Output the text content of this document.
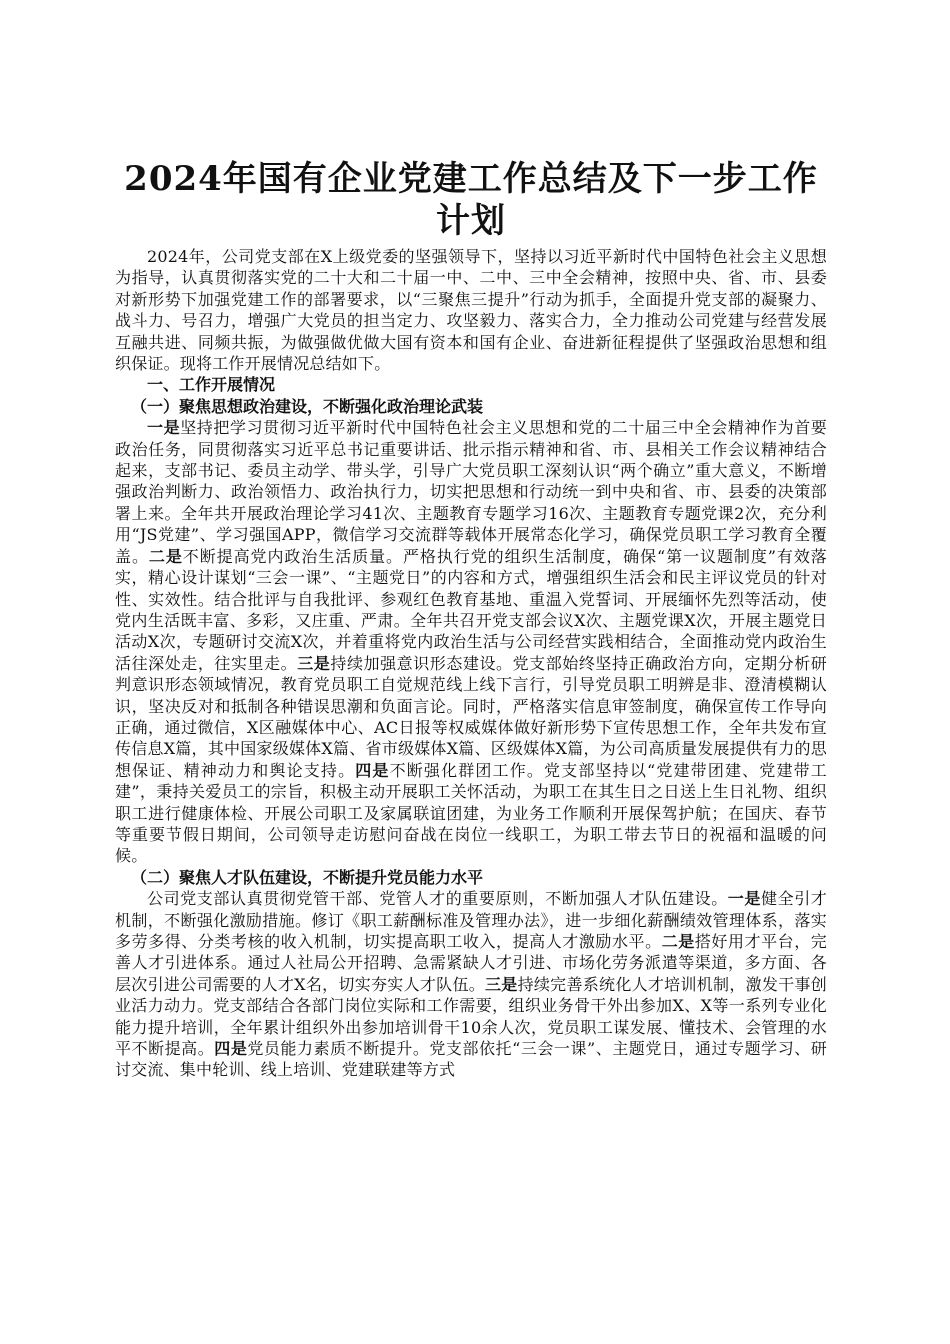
2024年国有企业党建工作总结及下一步工作计划

2024年，公司党支部在X上级党委的坚强领导下，坚持以习近平新时代中国特色社会主义思想为指导，认真贯彻落实党的二十大和二十届一中、二中、三中全会精神，按照中央、省、市、县委对新形势下加强党建工作的部署要求，以“三聚焦三提升”行动为抓手，全面提升党支部的凝聚力、战斗力、号召力，增强广大党员的担当定力、攻坚毅力、落实合力，全力推动公司党建与经营发展互融共进、同频共振，为做强做优做大国有资本和国有企业、奋进新征程提供了坚强政治思想和组织保证。现将工作开展情况总结如下。

一、工作开展情况

（一）聚焦思想政治建设，不断强化政治理论武装

一是坚持把学习贯彻习近平新时代中国特色社会主义思想和党的二十届三中全会精神作为首要政治任务，同贯彻落实习近平总书记重要讲话、批示指示精神和省、市、县相关工作会议精神结合起来，支部书记、委员主动学、带头学，引导广大党员职工深刻认识“两个确立”重大意义，不断增强政治判断力、政治领悟力、政治执行力，切实把思想和行动统一到中央和省、市、县委的决策部署上来。全年共开展政治理论学习41次、主题教育专题学习16次、主题教育专题党课2次，充分利用“JS党建”、学习强国APP，微信学习交流群等载体开展常态化学习，确保党员职工学习教育全覆盖。二是不断提高党内政治生活质量。严格执行党的组织生活制度，确保“第一议题制度”有效落实，精心设计谋划“三会一课”、“主题党日”的内容和方式，增强组织生活会和民主评议党员的针对性、实效性。结合批评与自我批评、参观红色教育基地、重温入党誓词、开展缅怀先烈等活动，使党内生活既丰富、多彩，又庄重、严肃。全年共召开党支部会议X次、主题党课X次，开展主题党日活动X次，专题研讨交流X次，并着重将党内政治生活与公司经营实践相结合，全面推动党内政治生活往深处走，往实里走。三是持续加强意识形态建设。党支部始终坚持正确政治方向，定期分析研判意识形态领域情况，教育党员职工自觉规范线上线下言行，引导党员职工明辨是非、澄清模糊认识，坚决反对和抵制各种错误思潮和负面言论。同时，严格落实信息审签制度，确保宣传工作导向正确，通过微信，X区融媒体中心、AC日报等权威媒体做好新形势下宣传思想工作，全年共发布宣传信息X篇，其中国家级媒体X篇、省市级媒体X篇、区级媒体X篇，为公司高质量发展提供有力的思想保证、精神动力和舆论支持。四是不断强化群团工作。党支部坚持以“党建带团建、党建带工建”，秉持关爱员工的宗旨，积极主动开展职工关怀活动，为职工在其生日之日送上生日礼物、组织职工进行健康体检、开展公司职工及家属联谊团建，为业务工作顺利开展保驾护航；在国庆、春节等重要节假日期间，公司领导走访慰问奋战在岗位一线职工，为职工带去节日的祝福和温暖的问候。

（二）聚焦人才队伍建设，不断提升党员能力水平

公司党支部认真贯彻党管干部、党管人才的重要原则，不断加强人才队伍建设。一是健全引才机制，不断强化激励措施。修订《职工薪酬标准及管理办法》，进一步细化薪酬绩效管理体系，落实多劳多得、分类考核的收入机制，切实提高职工收入，提高人才激励水平。二是搭好用才平台，完善人才引进体系。通过人社局公开招聘、急需紧缺人才引进、市场化劳务派遣等渠道，多方面、各层次引进公司需要的人才X名，切实夯实人才队伍。三是持续完善系统化人才培训机制，激发干事创业活力动力。党支部结合各部门岗位实际和工作需要，组织业务骨干外出参加X、X等一系列专业化能力提升培训，全年累计组织外出参加培训骨干10余人次，党员职工谋发展、懂技术、会管理的水平不断提高。四是党员能力素质不断提升。党支部依托“三会一课”、主题党日，通过专题学习、研讨交流、集中轮训、线上培训、党建联建等方式
